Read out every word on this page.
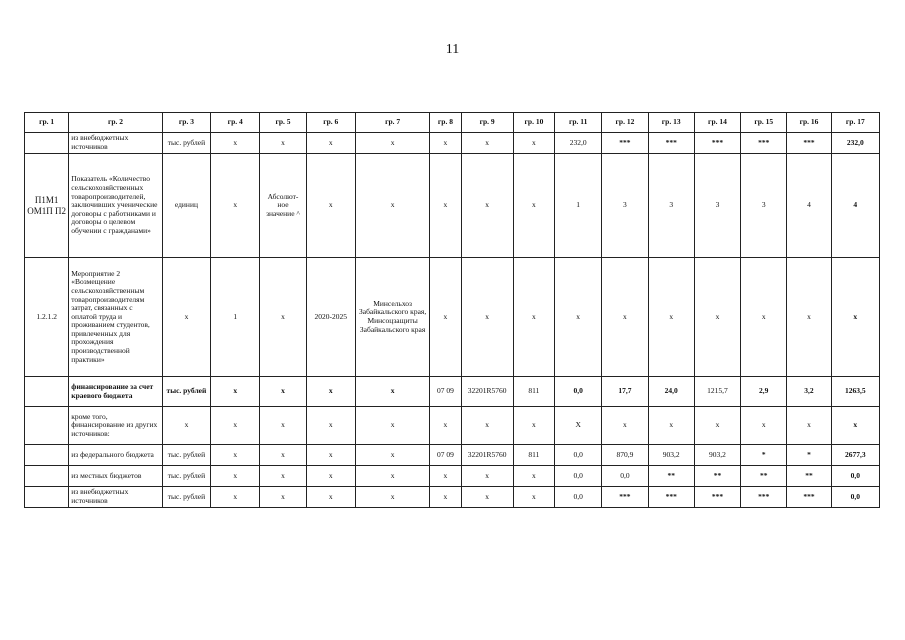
11
гр. 1	гр. 2	гр. 3	гр. 4	гр. 5	гр. 6	гр. 7	гр. 8	гр. 9	гр. 10	гр. 11	гр. 12	гр. 13	гр. 14	гр. 15	гр. 16	гр. 17
	из внебюджетных источников	тыс. рублей	x	x	x	x	x	x	x	232,0	***	***	***	***	***	232,0
П1М1 ОМ1П П2	Показатель «Количество сельскохозяйственных товаропроизводителей, заключивших ученические договоры с работниками и договоры о целевом обучении с гражданами»	единиц	x	Абсолют-ное значение ^	x	x	x	x	x	1	3	3	3	3	4	4
1.2.1.2	Мероприятие 2 «Возмещение сельскохозяйственным товаропроизводителям затрат, связанных с оплатой труда и проживанием студентов, привлеченных для прохождения производственной практики»	x	1	x	2020-2025	Минсельхоз Забайкальского края, Минсоцзащиты Забайкальского края	x	x	x	x	x	x	x	x	x	x
	финансирование за счет краевого бюджета	тыс. рублей	x	x	x	x	07 09	32201R5760	811	0,0	17,7	24,0	1215,7	2,9	3,2	1263,5
	кроме того, финансирование из других источников:	x	x	x	x	x	x	x	x	X	x	x	x	x	x	x
	из федерального бюджета	тыс. рублей	x	x	x	x	07 09	32201R5760	811	0,0	870,9	903,2	903,2	*	*	2677,3
	из местных бюджетов	тыс. рублей	x	x	x	x	x	x	x	0,0	0,0	**	**	**	**	0,0
	из внебюджетных источников	тыс. рублей	x	x	x	x	x	x	x	0,0	***	***	***	***	***	0,0
